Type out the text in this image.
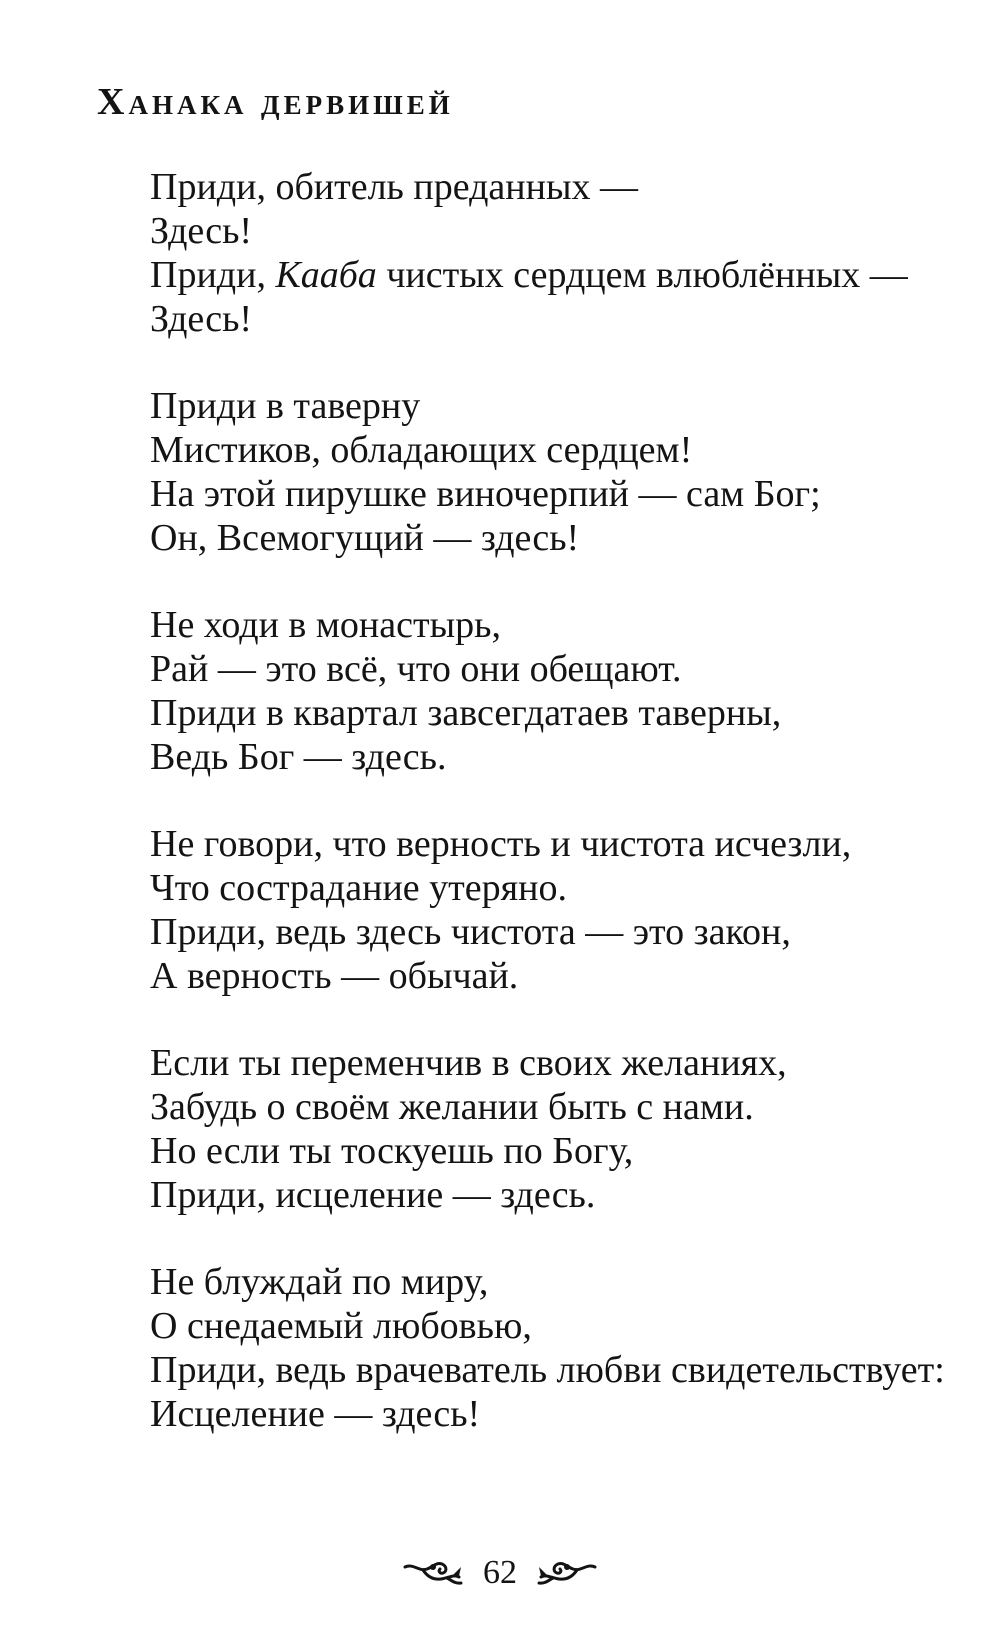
Ханака дервишей
Приди, обитель преданных —
Здесь!
Приди, Кааба чистых сердцем влюблённых —
Здесь!
Приди в таверну
Мистиков, обладающих сердцем!
На этой пирушке виночерпий — сам Бог;
Он, Всемогущий — здесь!
Не ходи в монастырь,
Рай — это всё, что они обещают.
Приди в квартал завсегдатаев таверны,
Ведь Бог — здесь.
Не говори, что верность и чистота исчезли,
Что сострадание утеряно.
Приди, ведь здесь чистота — это закон,
А верность — обычай.
Если ты переменчив в своих желаниях,
Забудь о своём желании быть с нами.
Но если ты тоскуешь по Богу,
Приди, исцеление — здесь.
Не блуждай по миру,
О снедаемый любовью,
Приди, ведь врачеватель любви свидетельствует:
Исцеление — здесь!
62
